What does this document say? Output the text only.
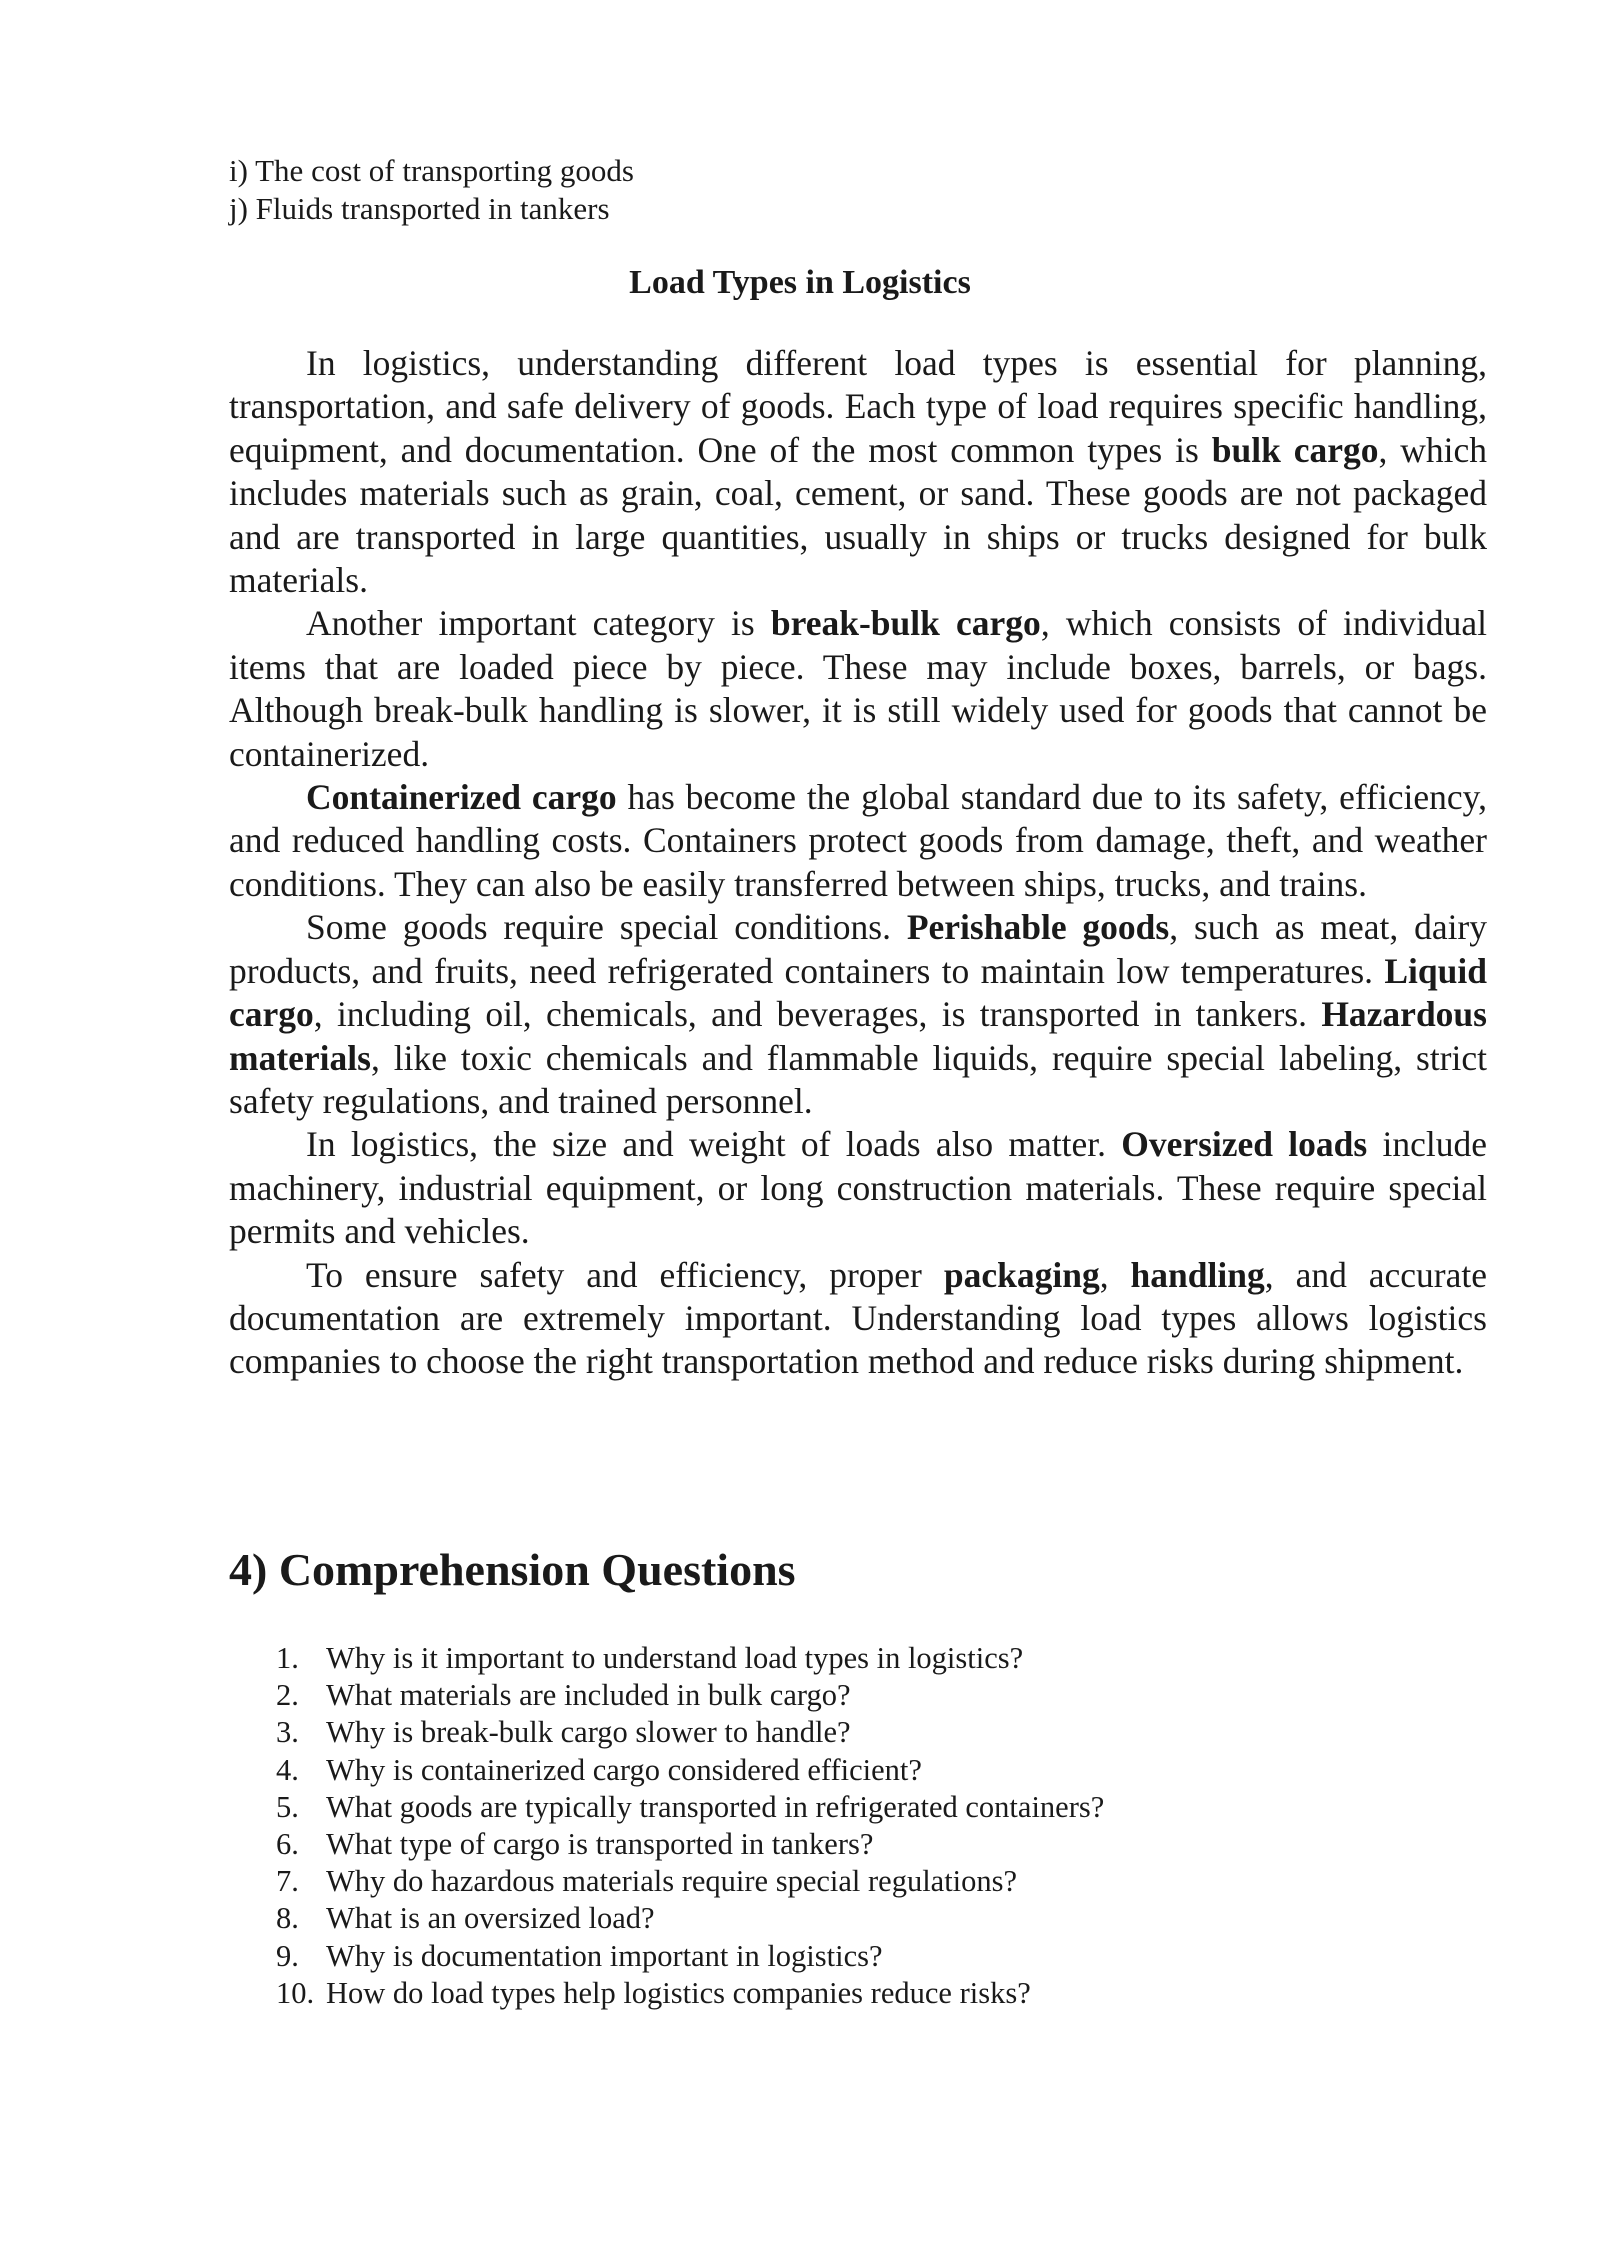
i) The cost of transporting goods
j) Fluids transported in tankers
Load Types in Logistics

In logistics, understanding different load types is essential for planning, transportation, and safe delivery of goods. Each type of load requires specific handling, equipment, and documentation. One of the most common types is bulk cargo, which includes materials such as grain, coal, cement, or sand. These goods are not packaged and are transported in large quantities, usually in ships or trucks designed for bulk materials.

Another important category is break-bulk cargo, which consists of individual items that are loaded piece by piece. These may include boxes, barrels, or bags. Although break-bulk handling is slower, it is still widely used for goods that cannot be containerized.

Containerized cargo has become the global standard due to its safety, efficiency, and reduced handling costs. Containers protect goods from damage, theft, and weather conditions. They can also be easily transferred between ships, trucks, and trains.

Some goods require special conditions. Perishable goods, such as meat, dairy products, and fruits, need refrigerated containers to maintain low temperatures. Liquid cargo, including oil, chemicals, and beverages, is transported in tankers. Hazardous materials, like toxic chemicals and flammable liquids, require special labeling, strict safety regulations, and trained personnel.

In logistics, the size and weight of loads also matter. Oversized loads include machinery, industrial equipment, or long construction materials. These require special permits and vehicles.

To ensure safety and efficiency, proper packaging, handling, and accurate documentation are extremely important. Understanding load types allows logistics companies to choose the right transportation method and reduce risks during shipment.

4) Comprehension Questions
1. Why is it important to understand load types in logistics?
2. What materials are included in bulk cargo?
3. Why is break-bulk cargo slower to handle?
4. Why is containerized cargo considered efficient?
5. What goods are typically transported in refrigerated containers?
6. What type of cargo is transported in tankers?
7. Why do hazardous materials require special regulations?
8. What is an oversized load?
9. Why is documentation important in logistics?
10. How do load types help logistics companies reduce risks?
